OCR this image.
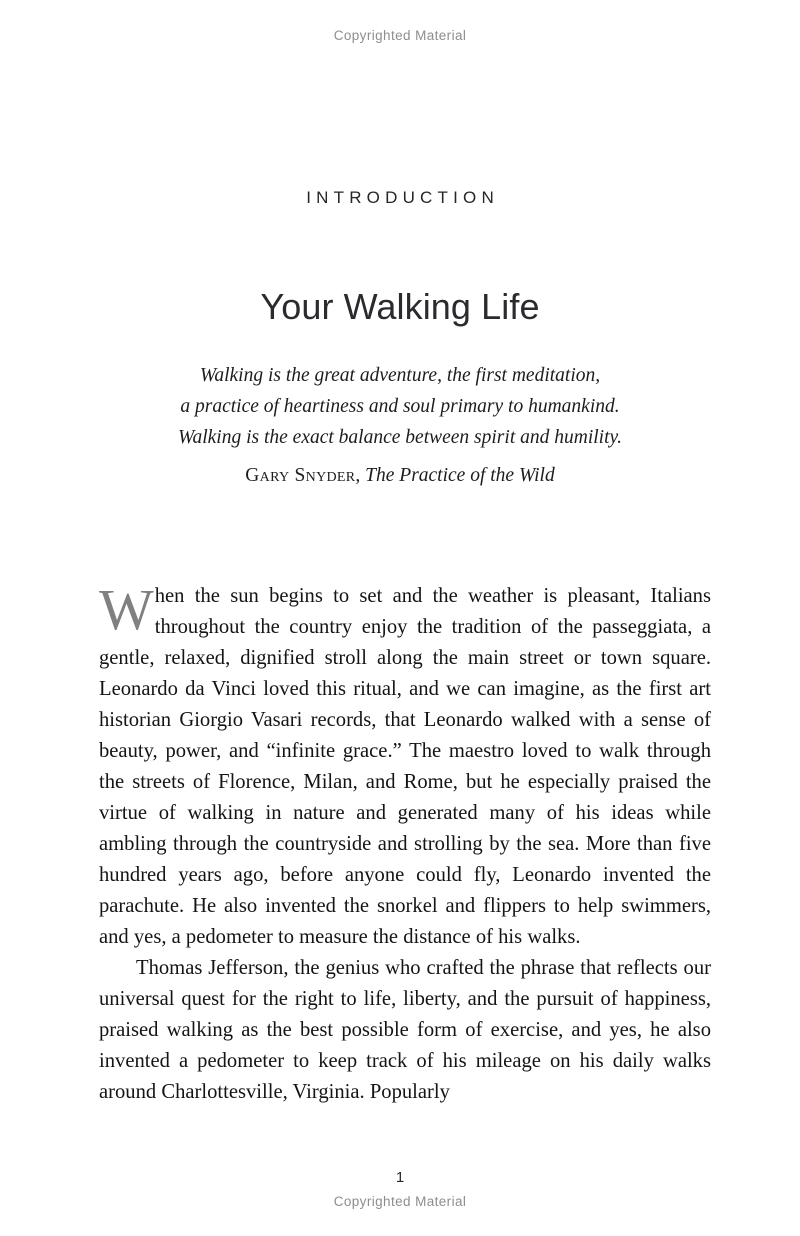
Copyrighted Material
INTRODUCTION
Your Walking Life
Walking is the great adventure, the first meditation,
a practice of heartiness and soul primary to humankind.
Walking is the exact balance between spirit and humility.
Gary Snyder, The Practice of the Wild

When the sun begins to set and the weather is pleasant, Italians throughout the country enjoy the tradition of the passeggiata, a gentle, relaxed, dignified stroll along the main street or town square. Leonardo da Vinci loved this ritual, and we can imagine, as the first art historian Giorgio Vasari records, that Leonardo walked with a sense of beauty, power, and “infinite grace.” The maestro loved to walk through the streets of Florence, Milan, and Rome, but he especially praised the virtue of walking in nature and generated many of his ideas while ambling through the countryside and strolling by the sea. More than five hundred years ago, before anyone could fly, Leonardo invented the parachute. He also invented the snorkel and flippers to help swimmers, and yes, a pedometer to measure the distance of his walks.

Thomas Jefferson, the genius who crafted the phrase that reflects our universal quest for the right to life, liberty, and the pursuit of happiness, praised walking as the best possible form of exercise, and yes, he also invented a pedometer to keep track of his mileage on his daily walks around Charlottesville, Virginia. Popularly

1
Copyrighted Material
